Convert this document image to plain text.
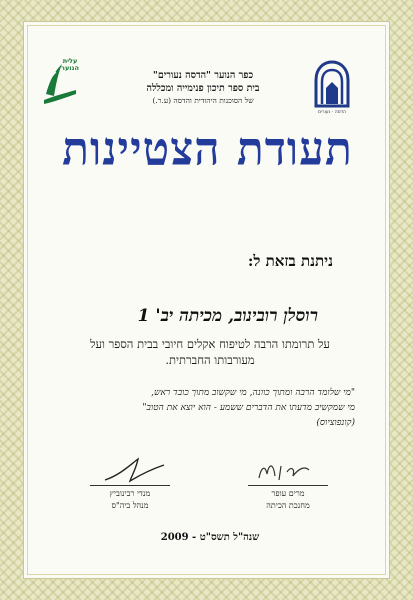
עלית הנוער
הדסה · נעורים
כפר הנוער "הדסה נעורים"
בית ספר תיכון פנימייה ומכללה
של הסוכנות היהודית והדסה (ע.ר.)
תעודת הצטיינות
ניתנת בזאת ל:
רוסלן רובינוב, מכיתה יב' 1
על תרומתו הרבה לטיפוח אקלים חיובי בבית הספר ועל מעורבותו החברתית.
"מי שלומד הרבה ומתוך כוונה, מי שקשוב מתוך כובד ראש,
מי שמקשיב מדעתו את הדברים ששמע - הוא יוצא את הטוב"
(קונפוציוס)
מנדי רבינוביץ
מנהל ביה"ס
מרים עופר
מחנכת הכיתה
שנה"ל תשס"ט - 2009
